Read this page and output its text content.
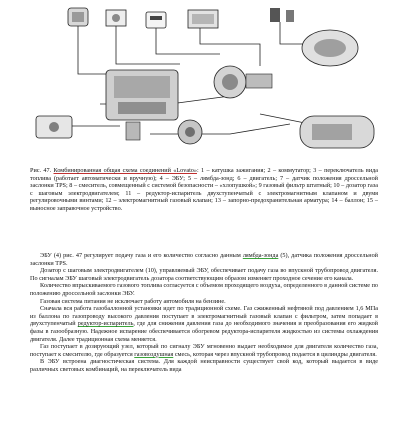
Рис. 47. Комбинированная общая схема соединений «Lovato»: 1 – катушка зажигания; 2 – коммутатор; 3 – переключатель вида топлива (работает автоматически и вручную); 4 – ЭБУ; 5 – лямбда-зонд; 6 – двигатель; 7 – датчик положения дроссельной заслонки TPS; 8 – смеситель, совмещенный с системой безопасности – «хлопушкой»; 9 газовый фильтр штатный; 10 – дозатор газа с шаговым электродвигателем; 11 – редуктор-испаритель двухступенчатый с электромагнитным клапаном и двумя регулировочными винтами; 12 – электромагнитный газовый клапан; 13 – запорно-предохранительная арматура; 14 – баллон; 15 – выносное заправочное устройство.

ЭБУ (4) рис. 47 регулирует подачу газа и его количество согласно данным лямбда-зонда (5), датчика положения дроссельной заслонки TPS.

Дозатор с шаговым электродвигателем (10), управляемый ЭБУ, обеспечивает подачу газа во впускной трубопровод двигателя. По сигналам ЭБУ шаговый электродвигатель дозатора соответствующим образом изменяет проходное сечение его канала.

Количество впрыскиваемого газового топлива согласуется с объемом проходящего воздуха, определенного в данной системе по положению дроссельной заслонки ЭБУ.

Газовая система питания не исключает работу автомобиля на бензине.

Сначала вся работа газобаллонной установки идет по традиционной схеме. Газ сжиженный нефтяной под давлением 1,6 МПа из баллона по газопроводу высокого давления поступает в электромагнитный газовый клапан с фильтром, затем попадает в двухступенчатый редуктор-испаритель, где для снижения давления газа до необходимого значения и преобразования его жидкой фазы в газообразную. Надежное испарение обеспечивается обогревом редуктора-испарителя жидкостью из системы охлаждения двигателя. Далее традиционная схема меняется.

Газ поступает в дозирующий узел, который по сигналу ЭБУ мгновенно выдает необходимое для двигателя количество газа, поступает к смесителю, где образуется газовоздушная смесь, которая через впускной трубопровод подается в цилиндры двигателя.

В ЭБУ встроена диагностическая система. Для каждой неисправности существует свой код, который выдается в виде различных световых комбинаций, на переключатель вида
